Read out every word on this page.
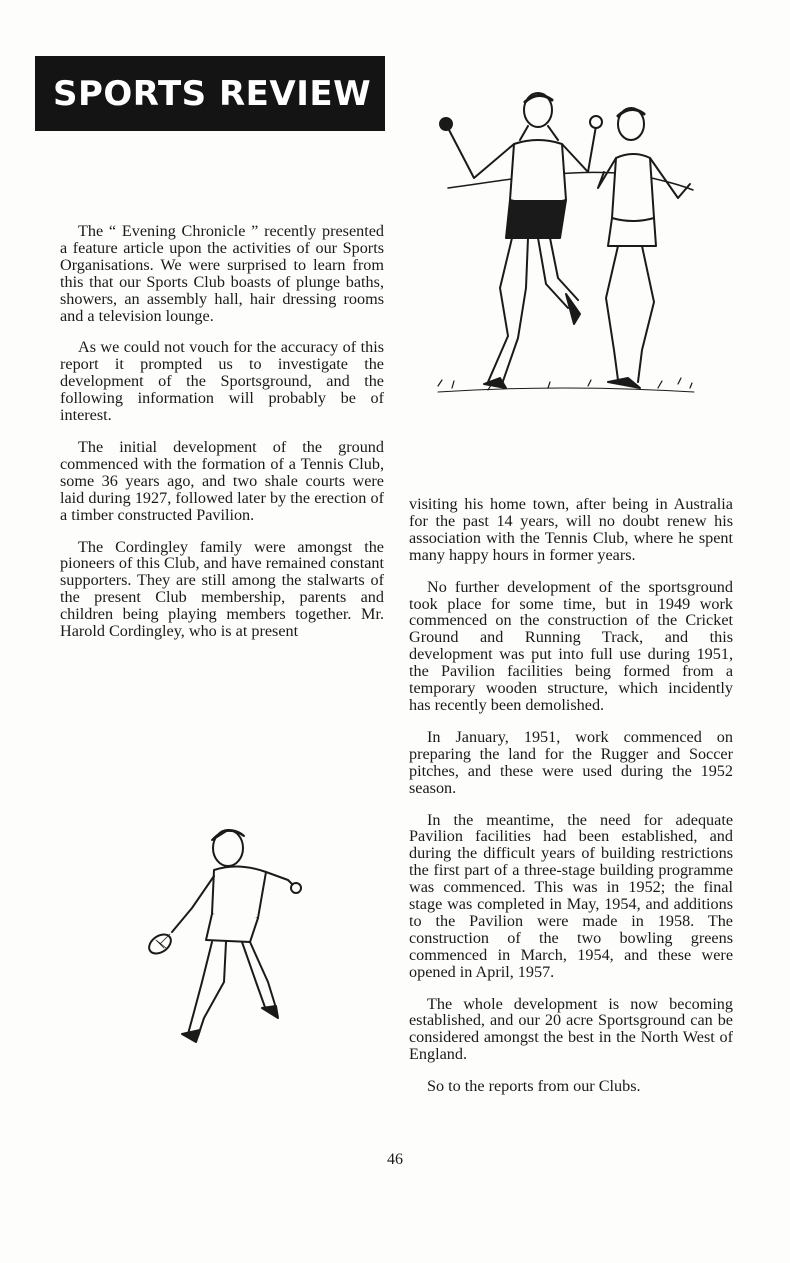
SPORTS REVIEW

The “ Evening Chronicle ” recently presented a feature article upon the activities of our Sports Organisations. We were surprised to learn from this that our Sports Club boasts of plunge baths, showers, an assembly hall, hair dressing rooms and a television lounge.

As we could not vouch for the accuracy of this report it prompted us to investigate the development of the Sportsground, and the following information will probably be of interest.

The initial development of the ground commenced with the formation of a Tennis Club, some 36 years ago, and two shale courts were laid during 1927, followed later by the erection of a timber constructed Pavilion.

The Cordingley family were amongst the pioneers of this Club, and have remained constant supporters. They are still among the stalwarts of the present Club membership, parents and children being playing members together. Mr. Harold Cordingley, who is at present

visiting his home town, after being in Australia for the past 14 years, will no doubt renew his association with the Tennis Club, where he spent many happy hours in former years.

No further development of the sportsground took place for some time, but in 1949 work commenced on the construction of the Cricket Ground and Running Track, and this development was put into full use during 1951, the Pavilion facilities being formed from a temporary wooden structure, which incidently has recently been demolished.

In January, 1951, work commenced on preparing the land for the Rugger and Soccer pitches, and these were used during the 1952 season.

In the meantime, the need for adequate Pavilion facilities had been established, and during the difficult years of building restrictions the first part of a three-stage building programme was commenced. This was in 1952; the final stage was completed in May, 1954, and additions to the Pavilion were made in 1958. The construction of the two bowling greens commenced in March, 1954, and these were opened in April, 1957.

The whole development is now becoming established, and our 20 acre Sportsground can be considered amongst the best in the North West of England.

So to the reports from our Clubs.

46
